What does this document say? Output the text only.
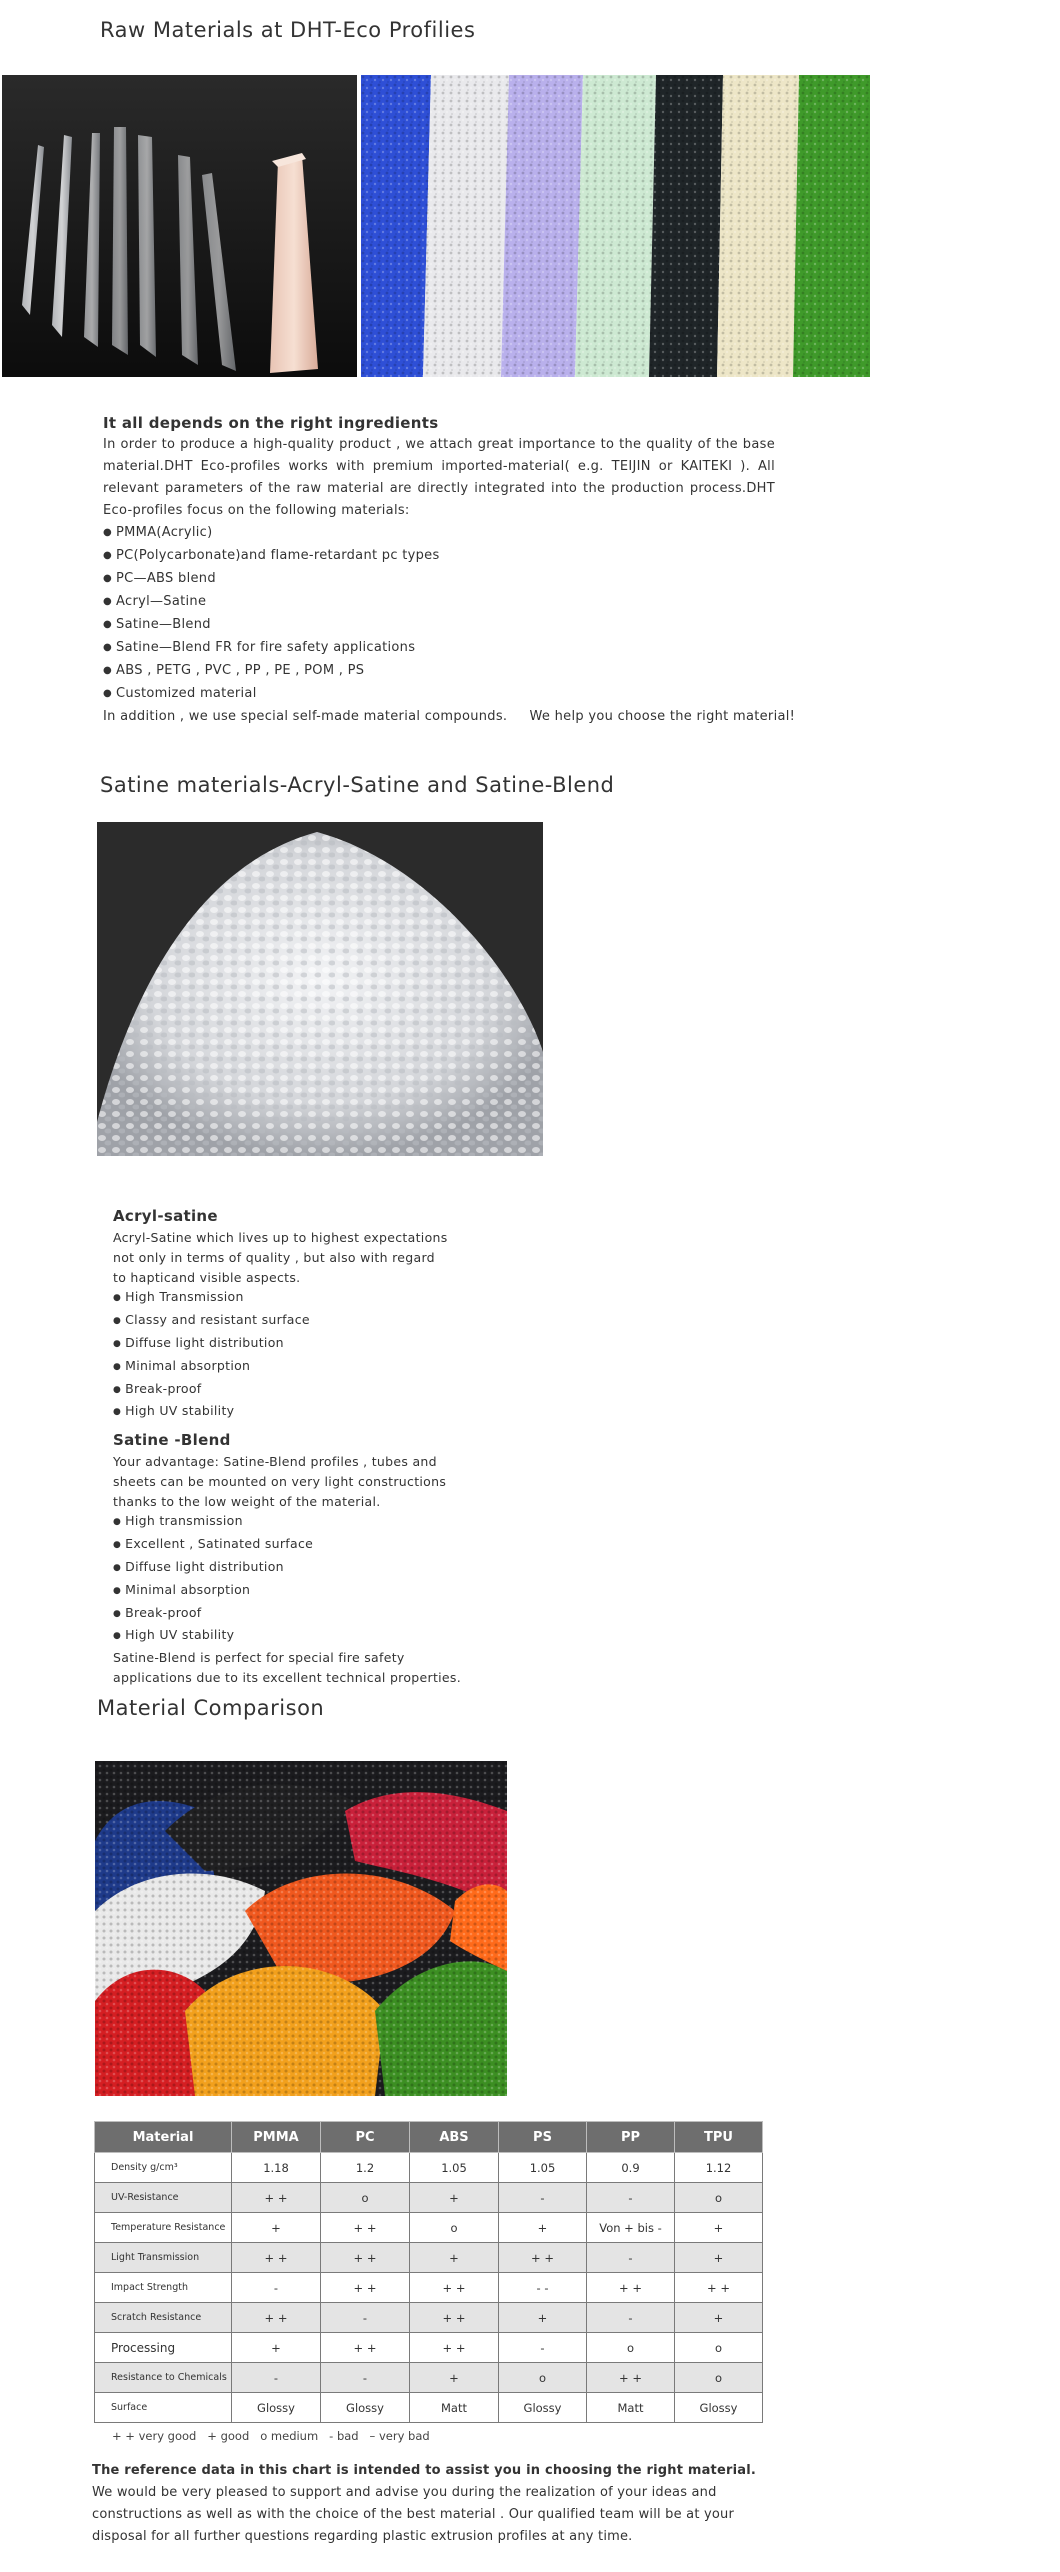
Raw Materials at DHT-Eco Profilies
It all depends on the right ingredients

In order to produce a high-quality product , we attach great importance to the quality of the base material.DHT Eco-profiles works with premium imported-material( e.g. TEIJIN or KAITEKI ). All relevant parameters of the raw material are directly integrated into the production process.DHT Eco-profiles focus on the following materials:

● PMMA(Acrylic)
● PC(Polycarbonate)and flame-retardant pc types
● PC—ABS blend
● Acryl—Satine
● Satine—Blend
● Satine—Blend FR for fire safety applications
● ABS , PETG , PVC , PP , PE , POM , PS
● Customized material

In addition , we use special self-made material compounds.     We help you choose the right material!

Satine materials-Acryl-Satine and Satine-Blend
Acryl-satine

Acryl-Satine which lives up to highest expectations

not only in terms of quality , but also with regard

to hapticand visible aspects.

● High Transmission
● Classy and resistant surface
● Diffuse light distribution
● Minimal absorption
● Break-proof
● High UV stability
Satine -Blend

Your advantage: Satine-Blend profiles , tubes and

sheets can be mounted on very light constructions

thanks to the low weight of the material.

● High transmission
● Excellent , Satinated surface
● Diffuse light distribution
● Minimal absorption
● Break-proof
● High UV stability

Satine-Blend is perfect for special fire safety

applications due to its excellent technical properties.

Material Comparison
Material	PMMA	PC	ABS	PS	PP	TPU
Density g/cm³	1.18	1.2	1.05	1.05	0.9	1.12
UV-Resistance	+ +	o	+	-	-	o
Temperature Resistance	+	+ +	o	+	Von + bis -	+
Light Transmission	+ +	+ +	+	+ +	-	+
Impact Strength	-	+ +	+ +	- -	+ +	+ +
Scratch Resistance	+ +	-	+ +	+	-	+
Processing	+	+ +	+ +	-	o	o
Resistance to Chemicals	-	-	+	o	+ +	o
Surface	Glossy	Glossy	Matt	Glossy	Matt	Glossy
+ + very good   + good   o medium   - bad   – very bad

The reference data in this chart is intended to assist you in choosing the right material.

We would be very pleased to support and advise you during the realization of your ideas and constructions as well as with the choice of the best material . Our qualified team will be at your disposal for all further questions regarding plastic extrusion profiles at any time.
